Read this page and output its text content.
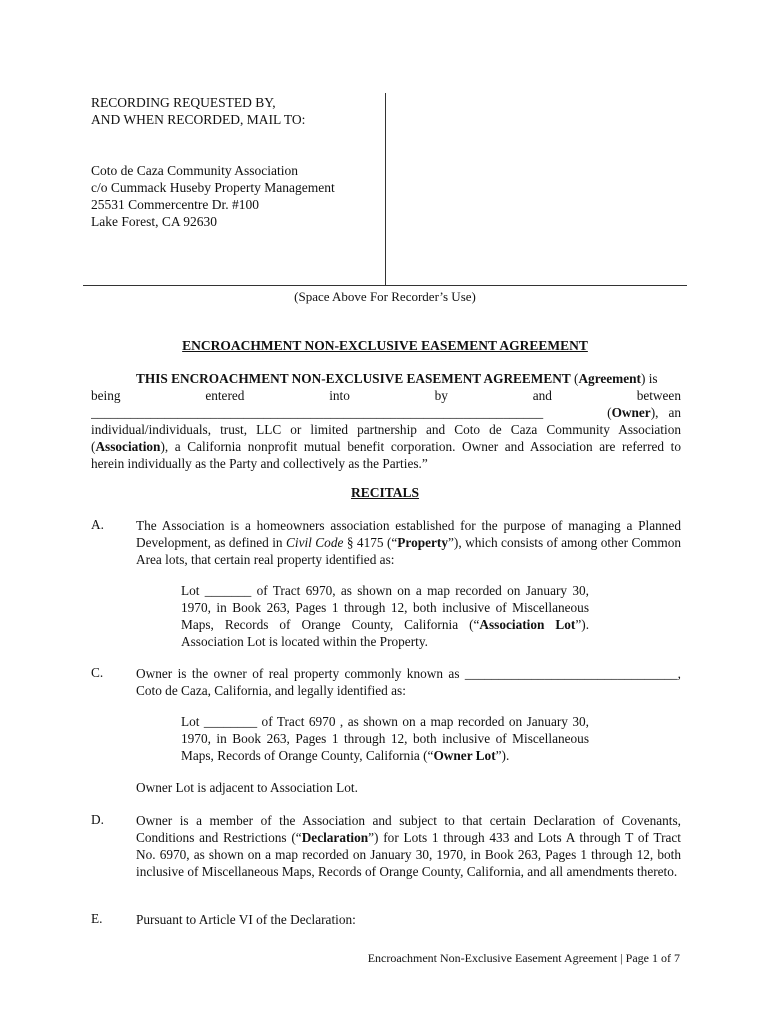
RECORDING REQUESTED BY,
AND WHEN RECORDED, MAIL TO:
Coto de Caza Community Association
c/o Cummack Huseby Property Management
25531 Commercentre Dr. #100
Lake Forest, CA 92630
(Space Above For Recorder’s Use)
ENCROACHMENT NON-EXCLUSIVE EASEMENT AGREEMENT
THIS ENCROACHMENT NON-EXCLUSIVE EASEMENT AGREEMENT (Agreement) is
being	entered	into	by	and	between
____________________________________________________________________	(Owner),   an
individual/individuals, trust, LLC or limited partnership and Coto de Caza Community Association
(Association), a California nonprofit mutual benefit corporation. Owner and Association are referred to
herein individually as the Party and collectively as the Parties.”
RECITALS
A. The Association is a homeowners association established for the purpose of managing a Planned Development, as defined in Civil Code § 4175 (“Property”), which consists of among other Common Area lots, that certain real property identified as:
Lot _______ of Tract 6970, as shown on a map recorded on January 30, 1970, in Book 263, Pages 1 through 12, both inclusive of Miscellaneous Maps, Records of Orange County, California (“Association Lot”). Association Lot is located within the Property.
C. Owner is the owner of real property commonly known as ________________________________, Coto de Caza, California, and legally identified as:
Lot ________ of Tract 6970 , as shown on a map recorded on January 30, 1970, in Book 263, Pages 1 through 12, both inclusive of Miscellaneous Maps, Records of Orange County, California (“Owner Lot”).
Owner Lot is adjacent to Association Lot.
D. Owner is a member of the Association and subject to that certain Declaration of Covenants, Conditions and Restrictions (“Declaration”) for Lots 1 through 433 and Lots A through T of Tract No. 6970, as shown on a map recorded on January 30, 1970, in Book 263, Pages 1 through 12, both inclusive of Miscellaneous Maps, Records of Orange County, California, and all amendments thereto.
E.	Pursuant to Article VI of the Declaration:
Encroachment Non-Exclusive Easement Agreement | Page 1 of 7
